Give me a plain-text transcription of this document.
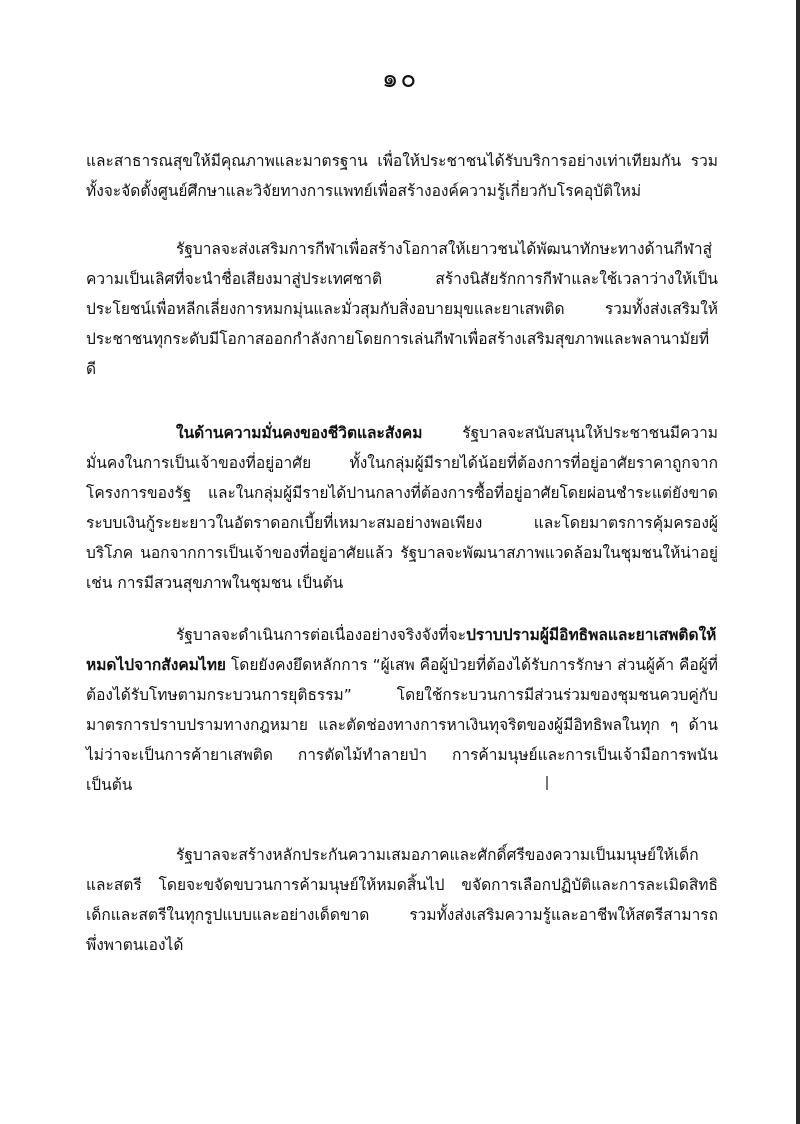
๑๐

และสาธารณสุขให้มีคุณภาพและมาตรฐาน เพื่อให้ประชาชนได้รับบริการอย่างเท่าเทียมกัน รวมทั้งจะจัดตั้งศูนย์ศึกษาและวิจัยทางการแพทย์เพื่อสร้างองค์ความรู้เกี่ยวกับโรคอุบัติใหม่

รัฐบาลจะส่งเสริมการกีฬาเพื่อสร้างโอกาสให้เยาวชนได้พัฒนาทักษะทางด้านกีฬาสู่ความเป็นเลิศที่จะนำชื่อเสียงมาสู่ประเทศชาติ สร้างนิสัยรักการกีฬาและใช้เวลาว่างให้เป็นประโยชน์เพื่อหลีกเลี่ยงการหมกมุ่นและมั่วสุมกับสิ่งอบายมุขและยาเสพติด รวมทั้งส่งเสริมให้ประชาชนทุกระดับมีโอกาสออกกำลังกายโดยการเล่นกีฬาเพื่อสร้างเสริมสุขภาพและพลานามัยที่ดี

ในด้านความมั่นคงของชีวิตและสังคม รัฐบาลจะสนับสนุนให้ประชาชนมีความมั่นคงในการเป็นเจ้าของที่อยู่อาศัย ทั้งในกลุ่มผู้มีรายได้น้อยที่ต้องการที่อยู่อาศัยราคาถูกจากโครงการของรัฐ และในกลุ่มผู้มีรายได้ปานกลางที่ต้องการซื้อที่อยู่อาศัยโดยผ่อนชำระแต่ยังขาดระบบเงินกู้ระยะยาวในอัตราดอกเบี้ยที่เหมาะสมอย่างพอเพียง และโดยมาตรการคุ้มครองผู้บริโภค นอกจากการเป็นเจ้าของที่อยู่อาศัยแล้ว รัฐบาลจะพัฒนาสภาพแวดล้อมในชุมชนให้น่าอยู่ เช่น การมีสวนสุขภาพในชุมชน เป็นต้น

รัฐบาลจะดำเนินการต่อเนื่องอย่างจริงจังที่จะปราบปรามผู้มีอิทธิพลและยาเสพติดให้หมดไปจากสังคมไทย โดยยังคงยึดหลักการ “ผู้เสพ คือผู้ป่วยที่ต้องได้รับการรักษา ส่วนผู้ค้า คือผู้ที่ต้องได้รับโทษตามกระบวนการยุติธรรม” โดยใช้กระบวนการมีส่วนร่วมของชุมชนควบคู่กับมาตรการปราบปรามทางกฎหมาย และตัดช่องทางการหาเงินทุจริตของผู้มีอิทธิพลในทุก ๆ ด้าน ไม่ว่าจะเป็นการค้ายาเสพติด การตัดไม้ทำลายป่า การค้ามนุษย์และการเป็นเจ้ามือการพนัน เป็นต้น

รัฐบาลจะสร้างหลักประกันความเสมอภาคและศักดิ์ศรีของความเป็นมนุษย์ให้เด็กและสตรี โดยจะขจัดขบวนการค้ามนุษย์ให้หมดสิ้นไป ขจัดการเลือกปฏิบัติและการละเมิดสิทธิเด็กและสตรีในทุกรูปแบบและอย่างเด็ดขาด รวมทั้งส่งเสริมความรู้และอาชีพให้สตรีสามารถพึ่งพาตนเองได้
